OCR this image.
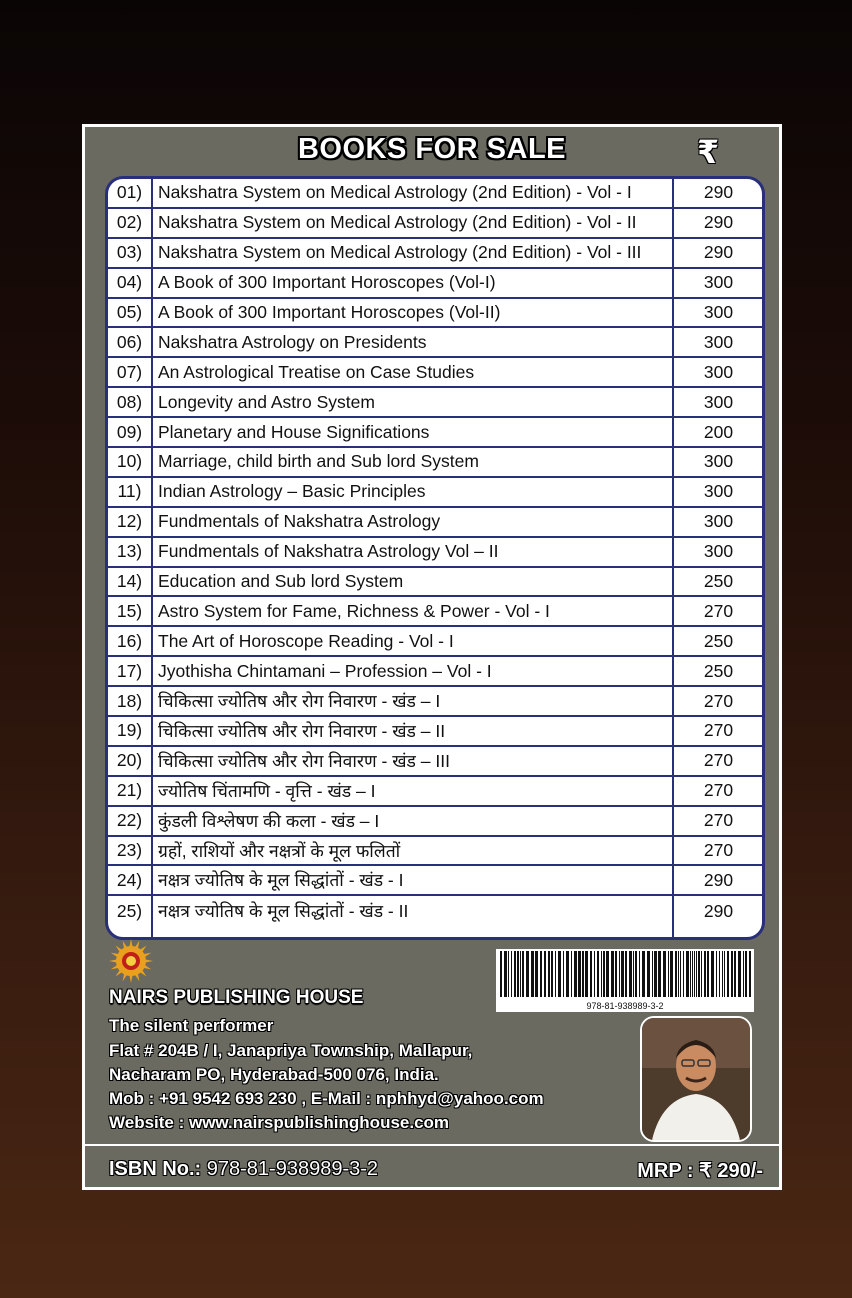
BOOKS FOR SALE	₹
01) Nakshatra System on Medical Astrology (2nd Edition) - Vol - I	290
02) Nakshatra System on Medical Astrology (2nd Edition) - Vol - II	290
03) Nakshatra System on Medical Astrology (2nd Edition) - Vol - III	290
04) A Book of 300 Important Horoscopes (Vol-I)	300
05) A Book of 300 Important Horoscopes (Vol-II)	300
06) Nakshatra Astrology on Presidents	300
07) An Astrological Treatise on Case Studies	300
08) Longevity and Astro System	300
09) Planetary and House Significations	200
10) Marriage, child birth and Sub lord System	300
11) Indian Astrology – Basic Principles	300
12) Fundmentals of Nakshatra Astrology	300
13) Fundmentals of Nakshatra Astrology Vol – II	300
14) Education and Sub lord System	250
15) Astro System for Fame, Richness & Power - Vol - I	270
16) The Art of Horoscope Reading - Vol - I	250
17) Jyothisha Chintamani – Profession – Vol - I	250
18) चिकित्सा ज्योतिष और रोग निवारण - खंड – I	270
19) चिकित्सा ज्योतिष और रोग निवारण - खंड – II	270
20) चिकित्सा ज्योतिष और रोग निवारण - खंड – III	270
21) ज्योतिष चिंतामणि - वृत्ति - खंड – I	270
22) कुंडली विश्लेषण की कला - खंड – I	270
23) ग्रहों, राशियों और नक्षत्रों के मूल फलितों	270
24) नक्षत्र ज्योतिष के मूल सिद्धांतों - खंड - I	290
25) नक्षत्र ज्योतिष के मूल सिद्धांतों - खंड - II	290
NAIRS PUBLISHING HOUSE	978-81-938989-3-2
The silent performer
Flat # 204B / I, Janapriya Township, Mallapur,
Nacharam PO, Hyderabad-500 076, India.
Mob : +91 9542 693 230 , E-Mail : nphhyd@yahoo.com
Website : www.nairspublishinghouse.com
ISBN No.: 978-81-938989-3-2	MRP : ₹ 290/-
